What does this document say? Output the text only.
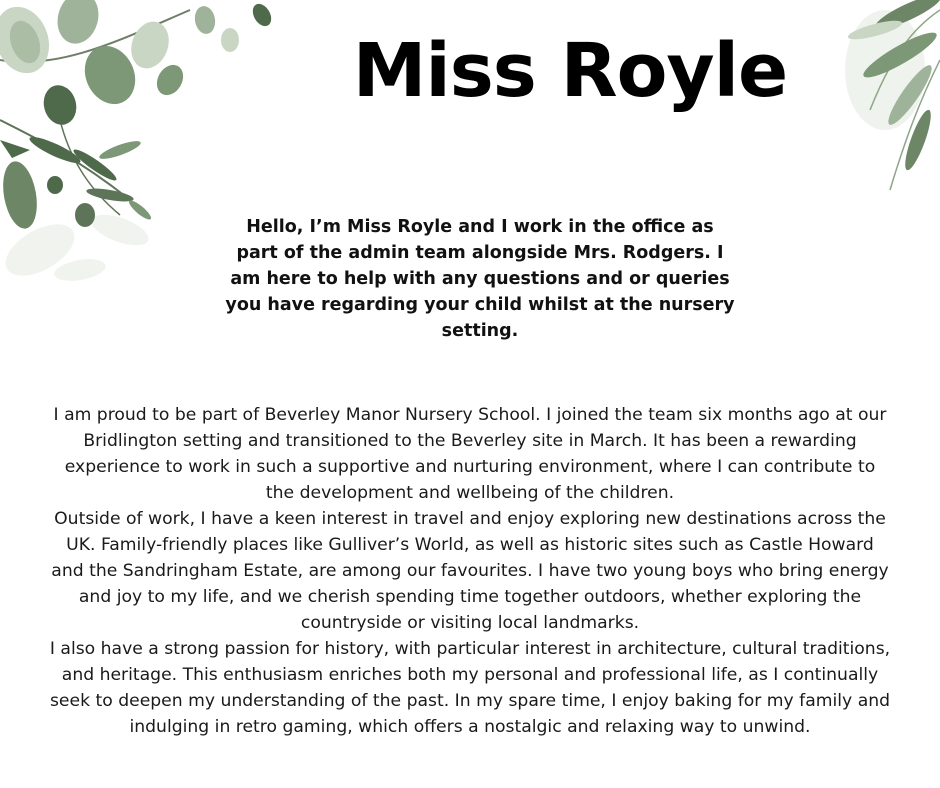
Miss Royle

Hello, I’m Miss Royle and I work in the office as part of the admin team alongside Mrs. Rodgers. I am here to help with any questions and or queries you have regarding your child whilst at the nursery setting.

I am proud to be part of Beverley Manor Nursery School. I joined the team six months ago at our Bridlington setting and transitioned to the Beverley site in March. It has been a rewarding experience to work in such a supportive and nurturing environment, where I can contribute to the development and wellbeing of the children.

Outside of work, I have a keen interest in travel and enjoy exploring new destinations across the UK. Family-friendly places like Gulliver’s World, as well as historic sites such as Castle Howard and the Sandringham Estate, are among our favourites. I have two young boys who bring energy and joy to my life, and we cherish spending time together outdoors, whether exploring the countryside or visiting local landmarks.

I also have a strong passion for history, with particular interest in architecture, cultural traditions, and heritage. This enthusiasm enriches both my personal and professional life, as I continually seek to deepen my understanding of the past. In my spare time, I enjoy baking for my family and indulging in retro gaming, which offers a nostalgic and relaxing way to unwind.
